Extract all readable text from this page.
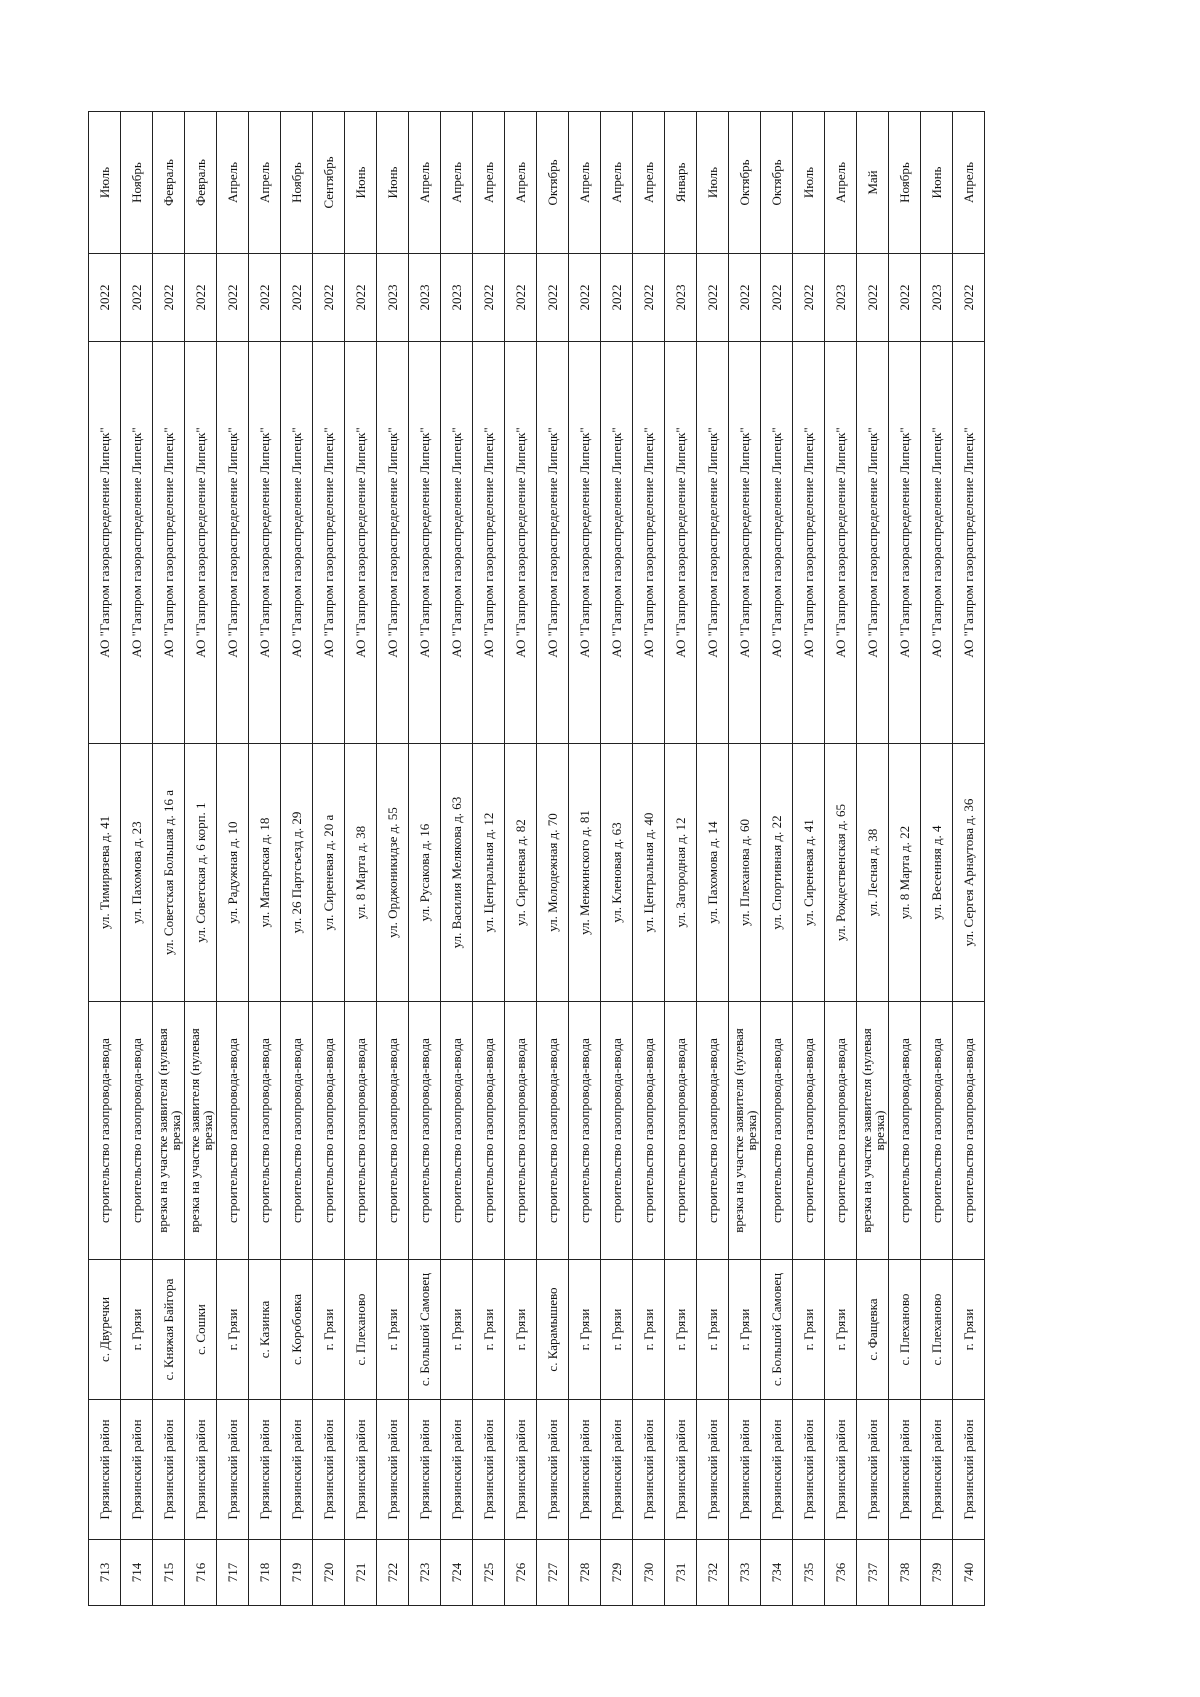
713	Грязинский район	с. Двуречки	строительство газопровода-ввода	ул. Тимирязева д. 41	АО "Газпром газораспределение Липецк"	2022	Июль
714	Грязинский район	г. Грязи	строительство газопровода-ввода	ул. Пахомова д. 23	АО "Газпром газораспределение Липецк"	2022	Ноябрь
715	Грязинский район	с. Княжая Байгора	врезка на участке заявителя (нулевая врезка)	ул. Советская Большая д. 16 а	АО "Газпром газораспределение Липецк"	2022	Февраль
716	Грязинский район	с. Сошки	врезка на участке заявителя (нулевая врезка)	ул. Советская д. 6 корп. 1	АО "Газпром газораспределение Липецк"	2022	Февраль
717	Грязинский район	г. Грязи	строительство газопровода-ввода	ул. Радужная д. 10	АО "Газпром газораспределение Липецк"	2022	Апрель
718	Грязинский район	с. Казинка	строительство газопровода-ввода	ул. Матырская д. 18	АО "Газпром газораспределение Липецк"	2022	Апрель
719	Грязинский район	с. Коробовка	строительство газопровода-ввода	ул. 26 Партсъезд д. 29	АО "Газпром газораспределение Липецк"	2022	Ноябрь
720	Грязинский район	г. Грязи	строительство газопровода-ввода	ул. Сиреневая д. 20 а	АО "Газпром газораспределение Липецк"	2022	Сентябрь
721	Грязинский район	с. Плеханово	строительство газопровода-ввода	ул. 8 Марта д. 38	АО "Газпром газораспределение Липецк"	2022	Июнь
722	Грязинский район	г. Грязи	строительство газопровода-ввода	ул. Орджоникидзе д. 55	АО "Газпром газораспределение Липецк"	2023	Июнь
723	Грязинский район	с. Большой Самовец	строительство газопровода-ввода	ул. Русакова д. 16	АО "Газпром газораспределение Липецк"	2023	Апрель
724	Грязинский район	г. Грязи	строительство газопровода-ввода	ул. Василия Мелякова д. 63	АО "Газпром газораспределение Липецк"	2023	Апрель
725	Грязинский район	г. Грязи	строительство газопровода-ввода	ул. Центральная д. 12	АО "Газпром газораспределение Липецк"	2022	Апрель
726	Грязинский район	г. Грязи	строительство газопровода-ввода	ул. Сиреневая д. 82	АО "Газпром газораспределение Липецк"	2022	Апрель
727	Грязинский район	с. Карамышево	строительство газопровода-ввода	ул. Молодежная д. 70	АО "Газпром газораспределение Липецк"	2022	Октябрь
728	Грязинский район	г. Грязи	строительство газопровода-ввода	ул. Менжинского д. 81	АО "Газпром газораспределение Липецк"	2022	Апрель
729	Грязинский район	г. Грязи	строительство газопровода-ввода	ул. Кленовая д. 63	АО "Газпром газораспределение Липецк"	2022	Апрель
730	Грязинский район	г. Грязи	строительство газопровода-ввода	ул. Центральная д. 40	АО "Газпром газораспределение Липецк"	2022	Апрель
731	Грязинский район	г. Грязи	строительство газопровода-ввода	ул. Загородная д. 12	АО "Газпром газораспределение Липецк"	2023	Январь
732	Грязинский район	г. Грязи	строительство газопровода-ввода	ул. Пахомова д. 14	АО "Газпром газораспределение Липецк"	2022	Июль
733	Грязинский район	г. Грязи	врезка на участке заявителя (нулевая врезка)	ул. Плеханова д. 60	АО "Газпром газораспределение Липецк"	2022	Октябрь
734	Грязинский район	с. Большой Самовец	строительство газопровода-ввода	ул. Спортивная д. 22	АО "Газпром газораспределение Липецк"	2022	Октябрь
735	Грязинский район	г. Грязи	строительство газопровода-ввода	ул. Сиреневая д. 41	АО "Газпром газораспределение Липецк"	2022	Июль
736	Грязинский район	г. Грязи	строительство газопровода-ввода	ул. Рождественская д. 65	АО "Газпром газораспределение Липецк"	2023	Апрель
737	Грязинский район	с. Фащевка	врезка на участке заявителя (нулевая врезка)	ул. Лесная д. 38	АО "Газпром газораспределение Липецк"	2022	Май
738	Грязинский район	с. Плеханово	строительство газопровода-ввода	ул. 8 Марта д. 22	АО "Газпром газораспределение Липецк"	2022	Ноябрь
739	Грязинский район	с. Плеханово	строительство газопровода-ввода	ул. Весенняя д. 4	АО "Газпром газораспределение Липецк"	2023	Июнь
740	Грязинский район	г. Грязи	строительство газопровода-ввода	ул. Сергея Арнаутова д. 36	АО "Газпром газораспределение Липецк"	2022	Апрель
